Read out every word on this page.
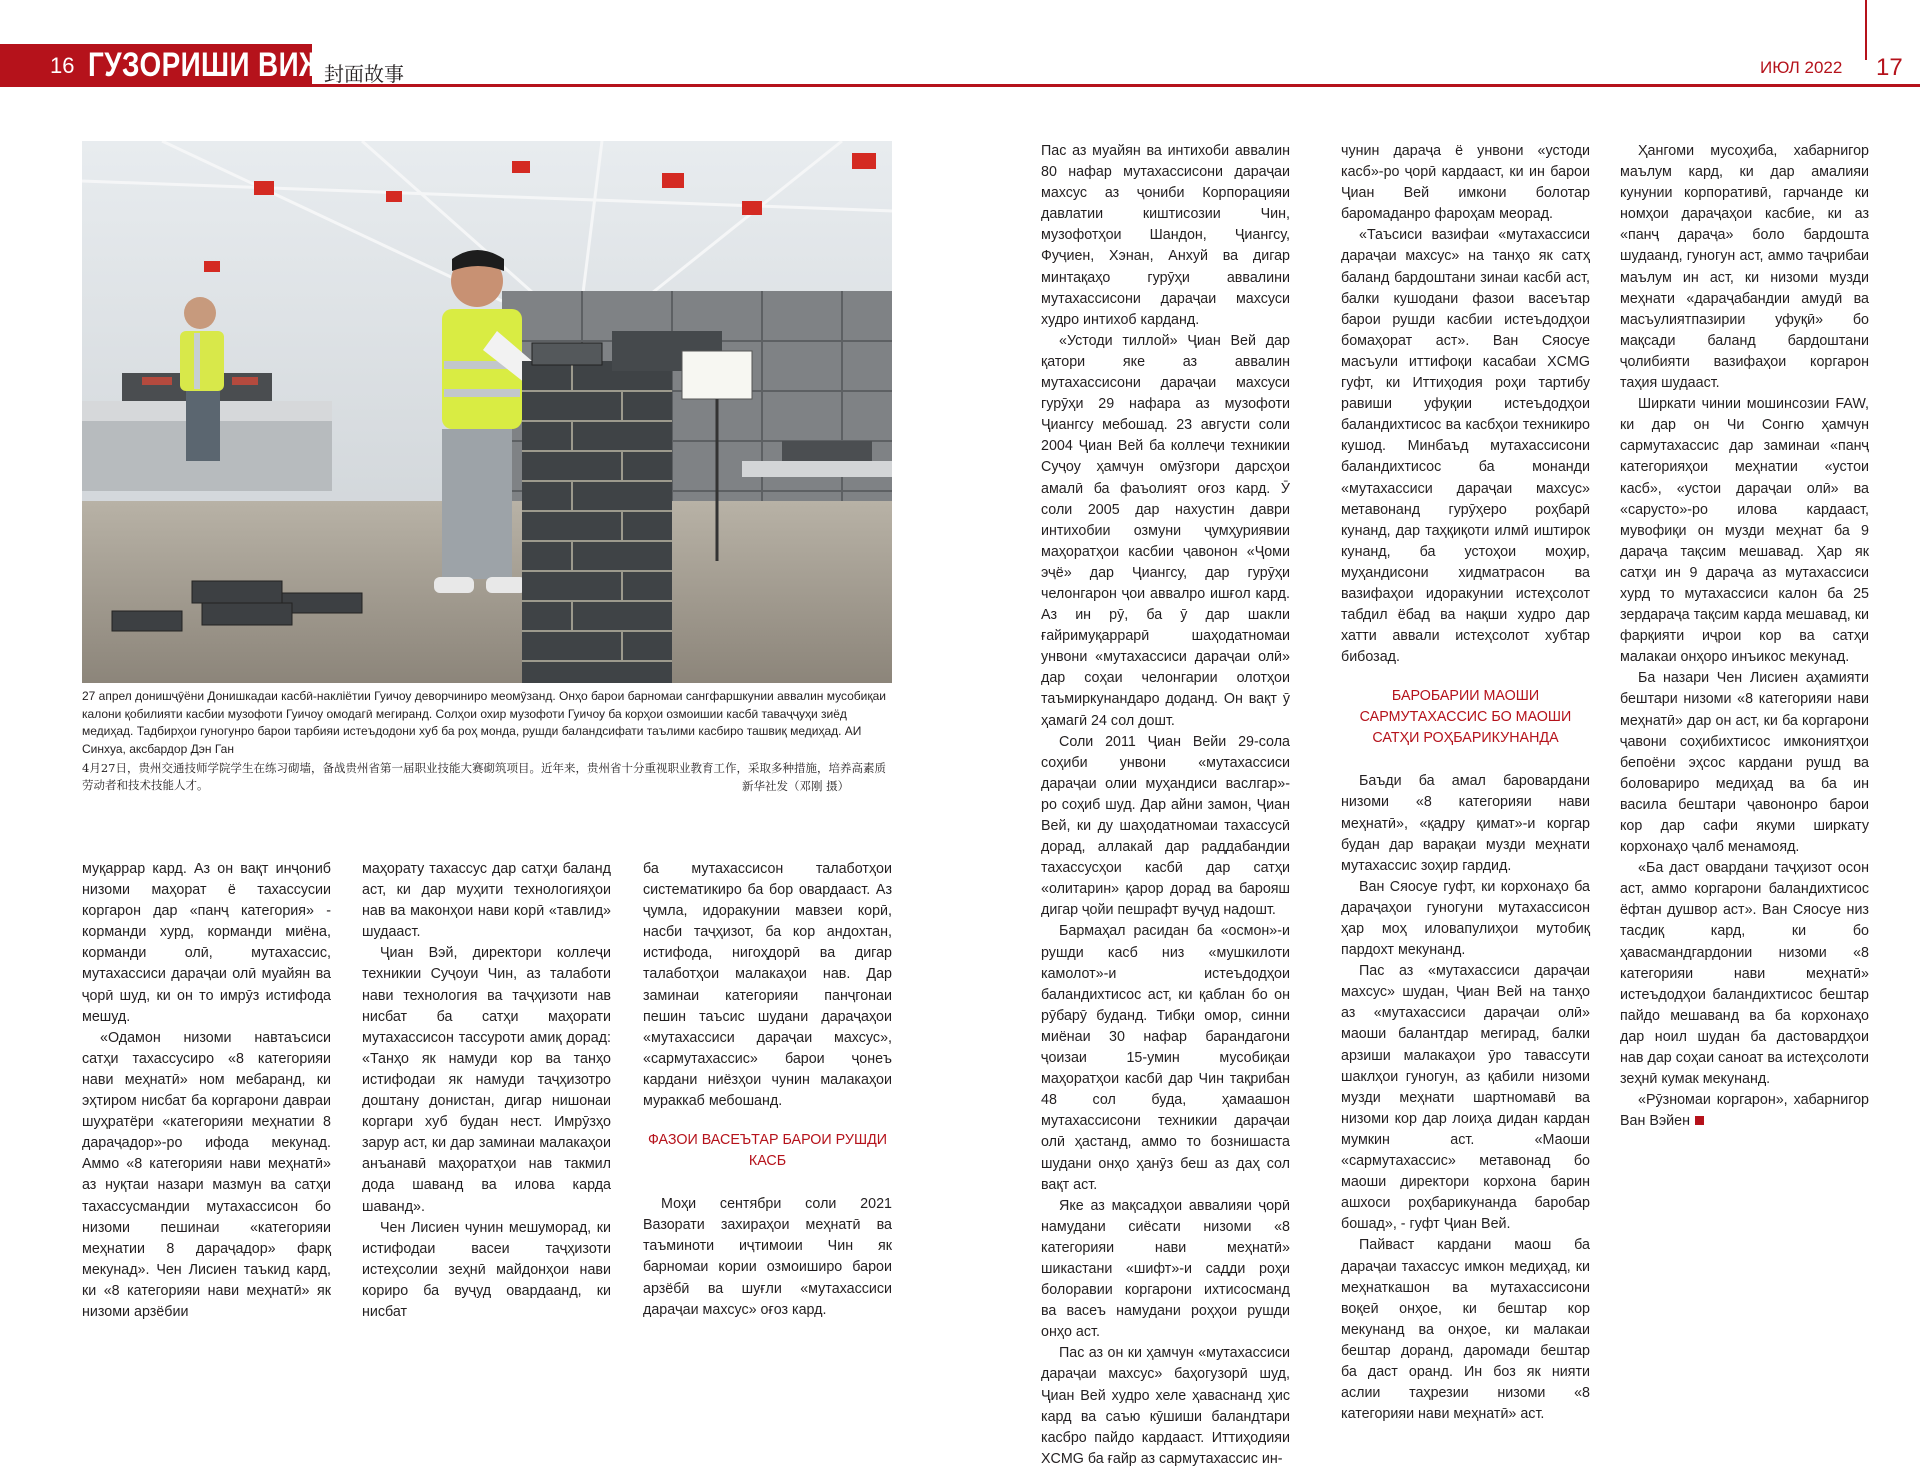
16 ГУЗОРИШИ ВИЖА
封面故事	ИЮЛ 2022 17
27 апрел донишҷӯёни Донишкадаи касбӣ-накліётии Гуичоу деворчиниро меомӯзанд. Онҳо барои барномаи сангфаршкунии аввалин мусобиқаи калони қобилияти касбии музофоти Гуичоу омодагӣ мегиранд. Солҳои охир музофоти Гуичоу ба корҳои озмоишии касбӣ таваҷҷуҳи зиёд медиҳад. Тадбирҳои гуногунро барои тарбияи истеъдодони хуб ба роҳ монда, рушди баландсифати таълими касбиро ташвиқ медиҳад. АИ Синхуа, аксбардор Дэн Ган
4月27日，贵州交通技师学院学生在练习砌墙，备战贵州省第一届职业技能大赛砌筑项目。近年来，贵州省十分重视职业教育工作，采取多种措施，培养高素质劳动者和技术技能人才。	新华社发（邓刚 摄）

муқаррар кард. Аз он вақт инҷониб низоми маҳорат ё тахассусии коргарон дар «панҷ категория» - корманди хурд, корманди миёна, корманди олӣ, мутахассис, мутахассиси дараҷаи олӣ муайян ва ҷорӣ шуд, ки он то имрӯз истифода мешуд.

«Одамон низоми навтаъсиси сатҳи тахассусиро «8 категорияи нави меҳнатӣ» ном мебаранд, ки эҳтиром нисбат ба коргарони даврaи шуҳратёри «категорияи меҳнатии 8 дараҷадор»-ро ифода мекунад. Аммо «8 категорияи нави меҳнатӣ» аз нуқтаи назари мазмун ва сатҳи тахассусмандии мутахассисон бо низоми пешинаи «категорияи меҳнатии 8 дараҷадор» фарқ мекунад». Чен Лисиен таъкид кард, ки «8 категорияи нави меҳнатӣ» як низоми арзёбии

маҳорату тахассус дар сатҳи баланд аст, ки дар муҳити технологияҳои нав ва маконҳои нави корӣ «тавлид» шудааст.

Ҷиан Вэй, директори коллеҷи техникии Суҷоуи Чин, аз талаботи нави технология ва таҷҳизоти нав нисбат ба сатҳи маҳорати мутахассисон тассурoти амиқ дорад: «Танҳо як намуди кор ва танҳо истифодаи як намуди таҷҳизотро доштану донистан, дигар нишонаи коргари хуб будан нест. Имрӯзҳо зарур аст, ки дар заминаи малакаҳои анъанавӣ маҳоратҳои нав такмил дода шаванд ва илова карда шаванд».

Чен Лисиен чунин мешуморад, ки истифодаи васеи таҷҳизоти истеҳсолии зеҳнӣ майдонҳои нави кориро ба вуҷуд овардаанд, ки нисбат

ба мутахассисон талаботҳои систематикиро ба бор овардааст. Аз ҷумла, идоракунии мавзеи корӣ, насби таҷҳизот, ба кор андохтан, истифода, нигоҳдорӣ ва дигар талаботҳои малакаҳои нав. Дар заминаи категорияи панҷгонаи пешин таъсис шудани дараҷаҳои «мутахассиси дараҷаи махсус», «сармутахассис» барои ҷонеъ кардани ниёзҳои чунин малакаҳои мураккаб мебошанд.

ФАЗОИ ВАСЕЪТАР БАРОИ РУШДИ КАСБ

Моҳи сентябри соли 2021 Вазорати захираҳои меҳнатӣ ва таъминоти иҷтимоии Чин як барномаи кории озмоиширо барои арзёбӣ ва шуғли «мутахассиси дараҷаи махсус» оғоз кард.

Пас аз муайян ва интихоби аввалин 80 нафар мутахассисони дараҷаи махсус аз ҷониби Корпорацияи давлатии киштисозии Чин, музофотҳои Шандон, Ҷиангсу, Фуҷиен, Хэнан, Анхуй ва дигар минтақаҳо гурӯҳи аввалини мутахассисони дараҷаи махсуси худро интихоб карданд.

«Устоди тиллой» Ҷиан Вей дар қатори яке аз аввалин мутахассисони дараҷаи махсуси гурӯҳи 29 нафара аз музофоти Ҷиангсу мебошад. 23 августи соли 2004 Ҷиан Вей ба коллеҷи техникии Суҷоу ҳамчун омӯзгори дарсҳои амалӣ ба фаъолият оғоз кард. Ӯ соли 2005 дар нахустин даври интихобии озмуни ҷумҳуриявии маҳоратҳои касбии ҷавонон «Ҷоми эҷё» дар Ҷиангсу, дар гурӯҳи челонгарон ҷои аввалро ишғол кард. Аз ин рӯ, ба ӯ дар шакли ғайримуқаррарӣ шаҳодатномаи унвони «мутахассиси дараҷаи олӣ» дар соҳаи челонгарии олотҳои таъмиркунандаро доданд. Он вақт ӯ ҳамагӣ 24 сол дошт.

Соли 2011 Ҷиан Вейи 29-сола соҳиби унвони «мутахассиси дараҷаи олии муҳандиси васлгар»-ро соҳиб шуд. Дар айни замон, Ҷиан Вей, ки ду шаҳодатномаи тахассусӣ дорад, аллакай дар раддабандии тахассусҳои касбӣ дар сатҳи «олитарин» қарор дорад ва барояш дигар ҷойи пешрафт вуҷуд надошт.

Бармаҳал расидан ба «осмон»-и рушди касб низ «мушкилоти камолот»-и истеъдодҳои баландихтисос аст, ки қаблан бо он рӯбарӯ буданд. Тибқи омор, синни миёнаи 30 нафар барандагони ҷоизаи 15-умин мусобиқаи маҳоратҳои касбӣ дар Чин тақрибан 48 сол буда, ҳамаашон мутахассисони техникии дараҷаи олӣ ҳастанд, аммо то бознишаста шудани онҳо ҳанӯз беш аз даҳ сол вақт аст.

Яке аз мақсадҳои аввалияи ҷорӣ намудани сиёсати низоми «8 категорияи нави меҳнатӣ» шикастани «шифт»-и садди роҳи болоравии коргарони ихтисосманд ва васеъ намудани роҳҳои рушди онҳо аст.

Пас аз он ки ҳамчун «мутахассиси дараҷаи махсус» баҳогузорӣ шуд, Ҷиан Вей худро хеле ҳаваснанд ҳис кард ва саъю кӯшиши баландтари касбро пайдо кардааст. Иттиҳодияи XCMG ба ғайр аз сармутахассис ин-

чунин дараҷа ё унвони «устоди касб»-ро ҷорӣ кардааст, ки ин барои Ҷиан Вей имкони болотар баромаданро фароҳам меорад.

«Таъсиси вазифаи «мутахассиси дараҷаи махсус» на танҳо як сатҳ баланд бардоштани зинаи касбӣ аст, балки кушодани фазои васеътар барои рушди касбии истеъдодҳои бомаҳорат аст». Ван Сяосуе масъули иттифоқи касабаи XCMG гуфт, ки Иттиҳодия роҳи тартибу равиши уфуқии истеъдодҳои баландихтисос ва касбҳои техникиро кушод. Минбаъд мутахассисони баландихтисос ба монанди «мутахассиси дараҷаи махсус» метавонанд гурӯҳеро роҳбарӣ кунанд, дар таҳқиқоти илмӣ иштирок кунанд, ба устоҳои моҳир, муҳандисони хидматрасон ва вазифаҳои идоракунии истеҳсолот табдил ёбад ва нақши худро дар хатти аввали истеҳсолот хубтар бибозад.

БАРОБАРИИ МАОШИ САРМУТАХАССИС БО МАОШИ САТҲИ РОҲБАРИКУНАНДА

Баъди ба амал баровардани низоми «8 категорияи нави меҳнатӣ», «қадру қимат»-и коргар будан дар варақаи музди меҳнати мутахассис зоҳир гардид.

Ван Сяосуе гуфт, ки корхонаҳо ба дараҷаҳои гуногуни мутахассисон ҳар моҳ иловапулиҳои мутобиқ пардохт мекунанд.

Пас аз «мутахассиси дараҷаи махсус» шудан, Ҷиан Вей на танҳо аз «мутахассиси дараҷаи олӣ» маоши балантдар мегирад, балки арзиши малакаҳои ӯро тавассути шаклҳои гуногун, аз қабили низоми музди меҳнати шартномавӣ ва низоми кор дар лоиҳа дидан кардан мумкин аст. «Маоши «сармутахассис» метавонад бо маоши директори корхона барин ашхоси роҳбарикунанда баробар бошад», - гуфт Ҷиан Вей.

Пайваст кардани маош ба дараҷаи тахассус имкон медиҳад, ки меҳнаткашон ва мутахассисони воқеӣ онҳое, ки бештар кор мекунанд ва онҳое, ки малакаи бештар доранд, даромади бештар ба даст оранд. Ин боз як нияти аслии таҳрезии низоми «8 категорияи нави меҳнатӣ» аст.

Ҳангоми мусоҳиба, хабарнигор маълум кард, ки дар амалияи кунунии корпоративӣ, гарчанде ки номҳои дараҷаҳои касбие, ки аз «панҷ дараҷа» боло бардошта шудаанд, гуногун аст, аммо таҷрибаи маълум ин аст, ки низоми музди меҳнати «дараҷабандии амудӣ ва масъулиятпазирии уфуқӣ» бо мақсади баланд бардоштани ҷолибияти вазифаҳои коргарон таҳия шудааст.

Ширкати чинии мошинсозии FAW, ки дар он Чи Сонгю ҳамчун сармутахассис дар заминаи «панҷ категорияҳои меҳнатии «устои касб», «устои дараҷаи олӣ» ва «сарусто»-ро илова кардааст, мувофиқи он музди меҳнат ба 9 дараҷа тақсим мешавад. Ҳар як сатҳи ин 9 дараҷа аз мутахассиси хурд то мутахассиси калон ба 25 зердараҷа тақсим карда мешавад, ки фарқияти иҷрои кор ва сатҳи малакаи онҳоро инъикос мекунад.

Ба назари Чен Лисиен аҳамияти бештари низоми «8 категорияи нави меҳнатӣ» дар он аст, ки ба коргарони ҷавони соҳибихтисос имкониятҳои бепоёни эҳсос кардани рушд ва боловариро медиҳад ва ба ин васила бештари ҷавононро барои кор дар сафи якуми ширкату корхонаҳо ҷалб менамояд.

«Ба даст овардани таҷҳизот осон аст, аммо коргарони баландихтисос ёфтан душвор аст». Ван Сяосуе низ тасдиқ кард, ки бо ҳавасмандгардонии низоми «8 категорияи нави меҳнатӣ» истеъдодҳои баландихтисос бештар пайдо мешаванд ва ба корхонаҳо дар ноил шудан ба дастовардҳои нав дар соҳаи саноат ва истеҳсолоти зеҳнӣ кумак мекунанд.

«Рӯзномаи коргарон», хабарнигор Ван Вэйен
